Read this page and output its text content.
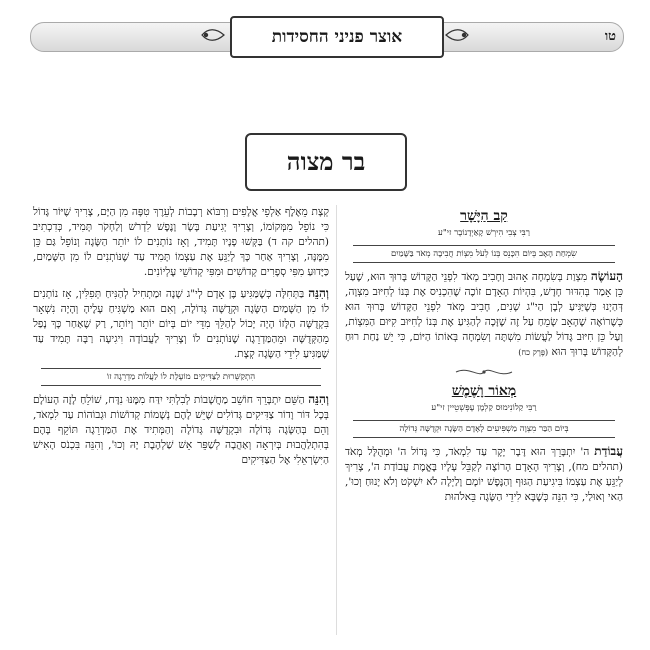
אוצר פניני החסידות	טו
בר מצוה
קַב הַיָּשָׁר
רַבִּי צְבִי הִירְשׁ קָאַיְדָנוֹבֶר זי"ע
שִׂמְחַת הָאָב בְּיוֹם הִכָּנֵס בְּנוֹ לְעֹל מִצְוֹת חֲבִיבָה מְאֹד בַּשָּׁמַיִם

הָעוֹשֶׂה מִצְוַת בְּשִׂמְחָה אָהוּב וְחָבִיב מְאֹד לִפְנֵי הַקָּדוֹשׁ בָּרוּךְ הוּא, שֶׁעַל כֵּן אָמַר בְּהִדּוּר חָדָשׁ, בִּהְיוֹת הָאָדָם זוֹכֶה שֶׁהִכְנִיס אֶת בְּנוֹ לְחִיּוּב מִצְוָה, דְּהַיְנוּ כְּשֶׁיַּגִּיעַ לְבֶן הַי"ג שָׁנִים, חָבִיב מְאֹד לִפְנֵי הַקָּדוֹשׁ בָּרוּךְ הוּא כְּשֶׁרוֹאֶה שֶׁהָאָב שָׂמֵחַ עַל זֶה שֶׁזָּכָה לְהַגִּיעַ אֶת בְּנוֹ לְחִיּוּב קִיּוּם הַמִּצְוֹת, וְעַל כֵּן חִיּוּב גָּדוֹל לַעֲשׂוֹת מִשְׁתֶּה וְשִׂמְחָה בְּאוֹתוֹ הַיּוֹם, כִּי יֵשׁ נַחַת רוּחַ לְהַקָּדוֹשׁ בָּרוּךְ הוּא (פֶּרֶק כח)

מְאוֹר וָשֶׁמֶשׁ
רַבִּי קַלוֹנִימוּס קַלְמָן עֶפְּשְׁטֵיין זי"ע
בְּיוֹם הַבַּר מִצְוָה מַשְׁפִּיעִים לָאָדָם הַשָּׂגָה וּקְדֻשָּׁה גְּדוֹלָה

עֲבוֹדַת ה' יִתְבָּרֵךְ הוּא דָּבָר יָקָר עַד לִמְאֹד, כִּי גָּדוֹל ה' וּמְהֻלָּל מְאֹד (תהלים מח), וְצָרִיךְ הָאָדָם הָרוֹצֶה לְקַבֵּל עָלָיו בֶּאֱמֶת עֲבוֹדַת ה', צָרִיךְ לְיַגֵּעַ אֶת עַצְמוֹ בִּיגִיעַת הַגּוּף וְהַנֶּפֶשׁ יוֹמָם וָלַיְלָה לֹא יִשְׁקֹט וְלֹא יָנוּחַ וְכוּ', הַאי וְאוּלַי, כִּי הִנֵּה כְּשֶׁבָּא לִידֵי הַשָּׂגָה בֵּאלֹהוּת

קְצָת מֵאֶלֶף אַלְפֵי אֲלָפִים וְרִבּוֹא רְבָבוֹת לְעֵרֶךְ טִפָּה מִן הַיָּם, צָרִיךְ שֶׁיּוֹר גָּדוֹל כִּי נוֹפֵל מִמְּקוֹמוֹ, וְצָרִיךְ יְגִיעַת בָּשָׂר וָנֶפֶשׁ לִדְרֹשׁ וְלַחְקֹר תָּמִיד, כְּדִכְתִיב (תהלים קה ד) בַּקְּשׁוּ פָנָיו תָּמִיד, וְאָז נוֹתְנִים לוֹ יוֹתֵר הַשָּׂגָה וְנוֹפֵל גַּם כֵּן מִמֶּנָּה, וְצָרִיךְ אַחַר כָּךְ לְיַגֵּעַ אֶת עַצְמוֹ תָּמִיד עַד שֶׁנּוֹתְנִים לוֹ מִן הַשָּׁמַיִם, כַּיָּדוּעַ מִפִּי סְפָרִים קְדוֹשִׁים וּמִפִּי קְדוֹשֵׁי עֶלְיוֹנִים.

וְהִנֵּה בַּתְּחִלָּה כְּשֶׁמַּגִּיעַ בֶּן אָדָם לְי"ג שָׁנָה וּמַתְחִיל לְהַנִּיחַ תְּפִלִּין, אָז נוֹתְנִים לוֹ מִן הַשָּׁמַיִם הַשָּׂגָה וּקְדֻשָּׁה גְּדוֹלָה, וְאִם הוּא מַשְׁגִּיחַ עָלֶיהָ וְהָיָה נִשְׁאָר בִּקְדֻשָּׁה הַלָּזוֹ הָיָה יָכוֹל לְהַלֵּךְ מִדֵּי יוֹם בְּיוֹם יוֹתֵר וְיוֹתֵר, רַק שֶׁאַחַר כָּךְ נָפַל מֵהַקְּדֻשָּׁה וּמֵהַמַּדְרֵגָה שֶׁנּוֹתְנִים לוֹ וְצָרִיךְ לַעֲבוֹדָה וִיגִיעָה רַבָּה תָּמִיד עַד שֶׁמַּגִּיעַ לִידֵי הַשָּׂגָה קְצָת.

הִתְקַשְּׁרוּת לַצַּדִּיקִים מוֹעֶלֶת לוֹ לַעֲלוֹת מַדְרֵגָה זוֹ

וְהִנֵּה הַשֵּׁם יִתְבָּרֵךְ חוֹשֵׁב מַחֲשָׁבוֹת לְבִלְתִּי יִדַּח מִמֶּנּוּ נִדָּח, שׁוֹלֵחַ לָזֶה הָעוֹלָם בְּכָל דּוֹר וָדוֹר צַדִּיקִים גְּדוֹלִים שֶׁיֵּשׁ לָהֶם נְשָׁמוֹת קְדוֹשׁוֹת וּגְבוֹהוֹת עַד לִמְאֹד, וְהֵם בְּהַשָּׂגָה גְּדוֹלָה וּבִקְדֻשָּׁה גְּדוֹלָה וְהַמְּתִיד אֶת הַמַּדְרֵגָה תּוֹקֵף בָּהֶם בְּהִתְלַהֲבוּת בְּיִרְאָה וְאַהֲבָה לְשַׁפֵּר אֵשׁ שַׁלְהֶבֶת יָהּ וְכוּ', וְהִנֵּה בִּכְנֹס הָאִישׁ הַיִּשְׂרְאֵלִי אֶל הַצַּדִּיקִים
